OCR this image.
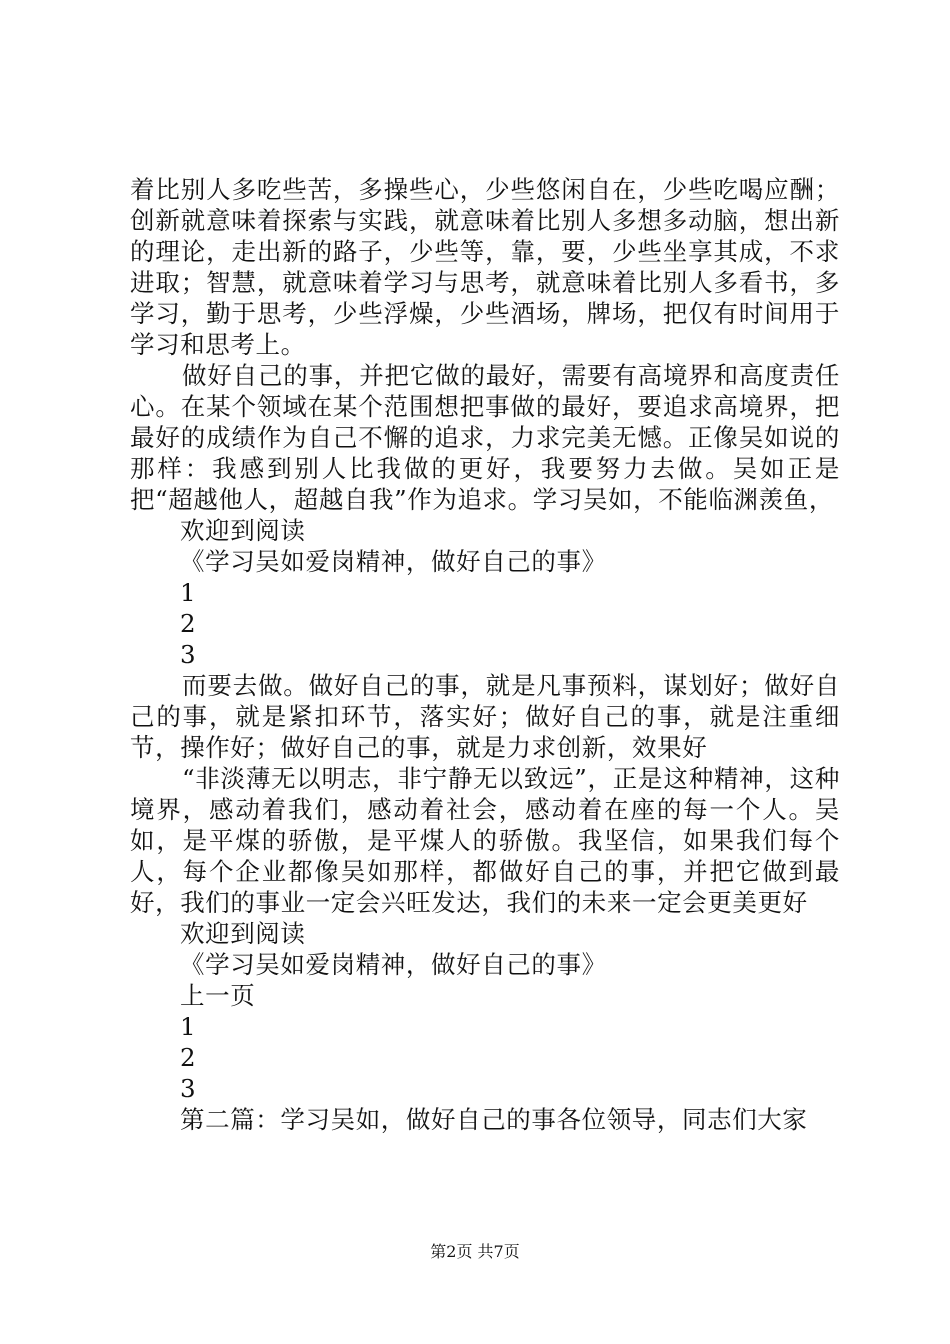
着比别人多吃些苦，多操些心，少些悠闲自在，少些吃喝应酬；创新就意味着探索与实践，就意味着比别人多想多动脑，想出新的理论，走出新的路子，少些等，靠，要，少些坐享其成，不求进取；智慧，就意味着学习与思考，就意味着比别人多看书，多学习，勤于思考，少些浮燥，少些酒场，牌场，把仅有时间用于学习和思考上。

做好自己的事，并把它做的最好，需要有高境界和高度责任心。在某个领域在某个范围想把事做的最好，要追求高境界，把最好的成绩作为自己不懈的追求，力求完美无憾。正像吴如说的那样：我感到别人比我做的更好，我要努力去做。吴如正是把“超越他人，超越自我”作为追求。学习吴如，不能临渊羡鱼，

欢迎到阅读

《学习吴如爱岗精神，做好自己的事》

1

2

3

而要去做。做好自己的事，就是凡事预料，谋划好；做好自己的事，就是紧扣环节，落实好；做好自己的事，就是注重细节，操作好；做好自己的事，就是力求创新，效果好

“非淡薄无以明志，非宁静无以致远”，正是这种精神，这种境界，感动着我们，感动着社会，感动着在座的每一个人。吴如，是平煤的骄傲，是平煤人的骄傲。我坚信，如果我们每个人，每个企业都像吴如那样，都做好自己的事，并把它做到最好，我们的事业一定会兴旺发达，我们的未来一定会更美更好

欢迎到阅读

《学习吴如爱岗精神，做好自己的事》

上一页

1

2

3

第二篇：学习吴如，做好自己的事各位领导，同志们大家

第2页 共7页
